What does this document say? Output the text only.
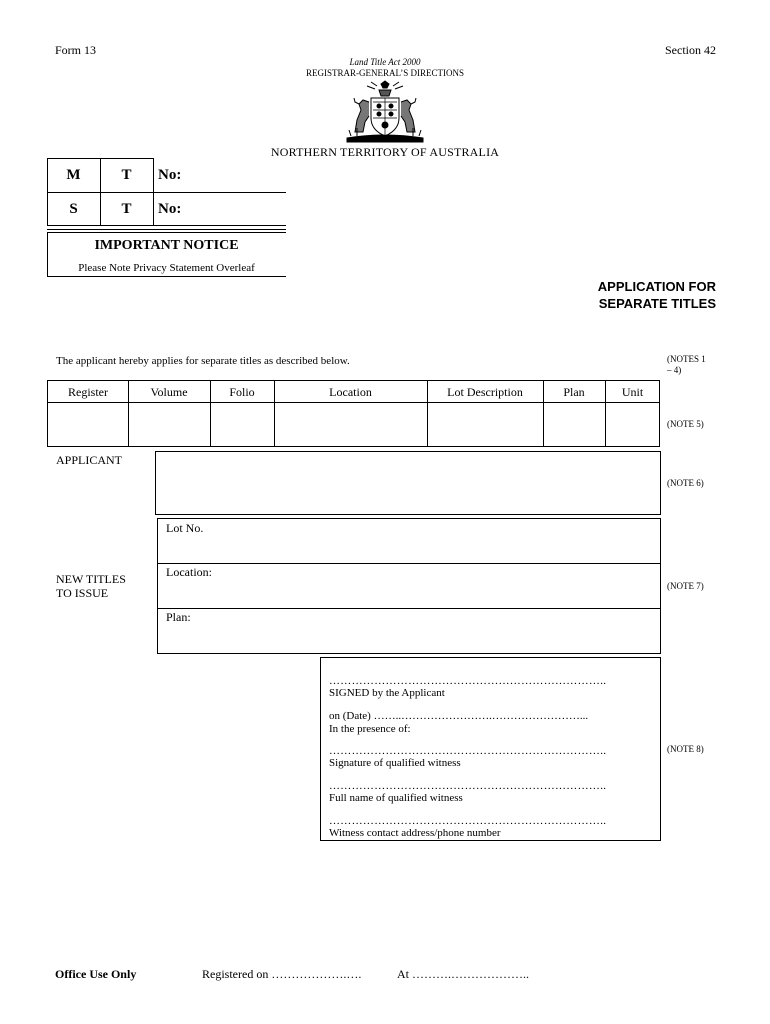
Form 13	Section 42
Land Title Act 2000
REGISTRAR-GENERAL’S DIRECTIONS
NORTHERN TERRITORY OF AUSTRALIA
M	T	No:
S	T	No:
IMPORTANT NOTICE
Please Note Privacy Statement Overleaf
APPLICATION FOR
SEPARATE TITLES
The applicant hereby applies for separate titles as described below.	(NOTES 1
– 4)
Register	Volume	Folio	Location	Lot Description	Plan	Unit
(NOTE 5)
APPLICANT
(NOTE 6)
NEW TITLES
TO ISSUE
Lot No.
Location:
Plan:
(NOTE 7)
………………………………………………………………..
SIGNED by the Applicant
on (Date) ……..…………………….……………………...
In the presence of:
………………………………………………………………..
Signature of qualified witness
………………………………………………………………..
Full name of qualified witness
………………………………………………………………..
Witness contact address/phone number
(NOTE 8)
Office Use Only	Registered on ……………….….	At ……….………………..
